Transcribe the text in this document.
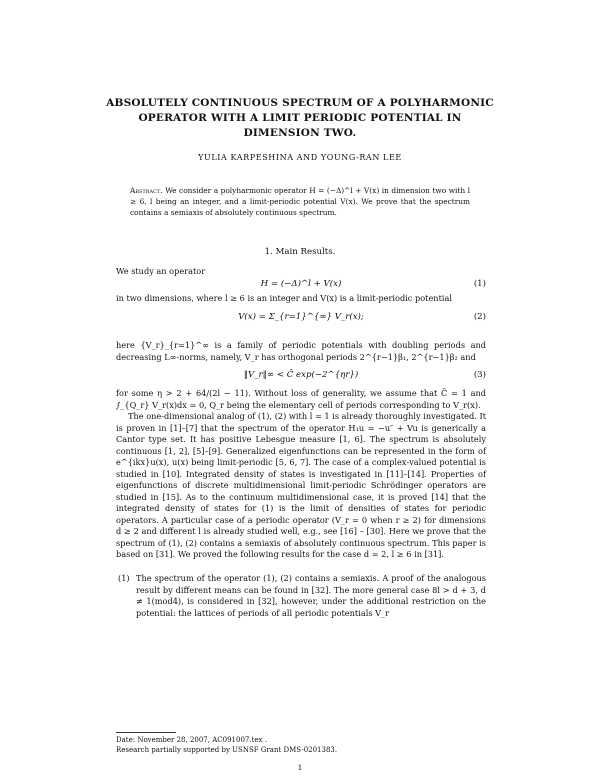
ABSOLUTELY CONTINUOUS SPECTRUM OF A POLYHARMONIC
OPERATOR WITH A LIMIT PERIODIC POTENTIAL IN
DIMENSION TWO.
YULIA KARPESHINA AND YOUNG-RAN LEE
Abstract. We consider a polyharmonic operator H = (−Δ)^l + V(x) in dimension two with l ≥ 6, l being an integer, and a limit-periodic potential V(x). We prove that the spectrum contains a semiaxis of absolutely continuous spectrum.
1. Main Results.
We study an operator
H = (−Δ)^l + V(x)	(1)
in two dimensions, where l ≥ 6 is an integer and V(x) is a limit-periodic potential
V(x) = Σ_{r=1}^{∞} V_r(x);	(2)
here {V_r}_{r=1}^∞ is a family of periodic potentials with doubling periods and decreasing L∞-norms, namely, V_r has orthogonal periods 2^{r−1}β₁, 2^{r−1}β₂ and
‖V_r‖∞ < Ĉ exp(−2^{ηr})	(3)
for some η > 2 + 64/(2l − 11). Without loss of generality, we assume that Ĉ = 1 and ∫_{Q_r} V_r(x)dx = 0, Q_r being the elementary cell of periods corresponding to V_r(x).
The one-dimensional analog of (1), (2) with l = 1 is already thoroughly investigated. It is proven in [1]–[7] that the spectrum of the operator H₁u = −u″ + Vu is generically a Cantor type set. It has positive Lebesgue measure [1, 6]. The spectrum is absolutely continuous [1, 2], [5]–[9]. Generalized eigenfunctions can be represented in the form of e^{ikx}u(x), u(x) being limit-periodic [5, 6, 7]. The case of a complex-valued potential is studied in [10]. Integrated density of states is investigated in [11]–[14]. Properties of eigenfunctions of discrete multidimensional limit-periodic Schrödinger operators are studied in [15]. As to the continuum multidimensional case, it is proved [14] that the integrated density of states for (1) is the limit of densities of states for periodic operators. A particular case of a periodic operator (V_r = 0 when r ≥ 2) for dimensions d ≥ 2 and different l is already studied well, e.g., see [16] – [30]. Here we prove that the spectrum of (1), (2) contains a semiaxis of absolutely continuous spectrum. This paper is based on [31]. We proved the following results for the case d = 2, l ≥ 6 in [31].
(1) The spectrum of the operator (1), (2) contains a semiaxis. A proof of the analogous result by different means can be found in [32]. The more general case 8l > d + 3, d ≠ 1(mod4), is considered in [32], however, under the additional restriction on the potential: the lattices of periods of all periodic potentials V_r
Date: November 28, 2007, AC091007.tex .
Research partially supported by USNSF Grant DMS-0201383.
1
